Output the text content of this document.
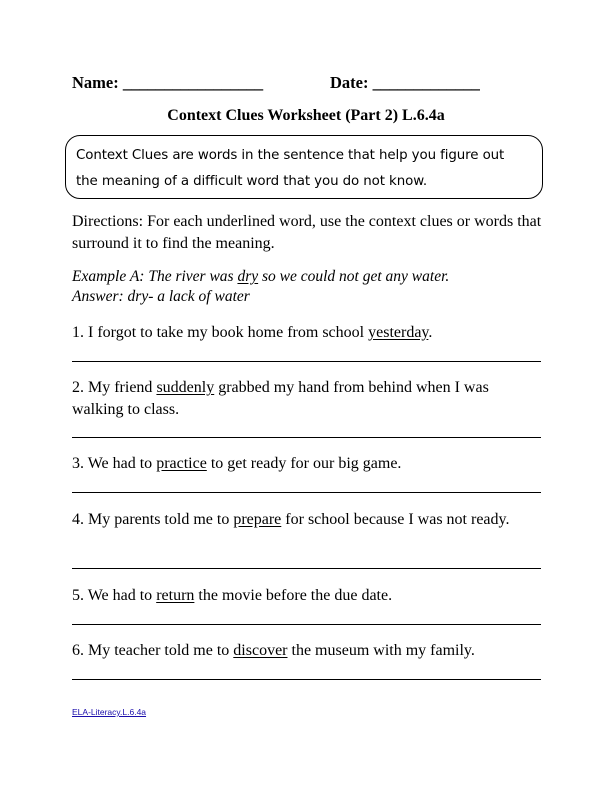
Name: _________________	Date: _____________
Context Clues Worksheet (Part 2) L.6.4a
Context Clues are words in the sentence that help you figure out
the meaning of a difficult word that you do not know.
Directions: For each underlined word, use the context clues or words that surround it to find the meaning.
Example A: The river was dry so we could not get any water.
Answer: dry- a lack of water
1. I forgot to take my book home from school yesterday.
2. My friend suddenly grabbed my hand from behind when I was walking to class.
3. We had to practice to get ready for our big game.
4. My parents told me to prepare for school because I was not ready.
5. We had to return the movie before the due date.
6. My teacher told me to discover the museum with my family.
ELA-Literacy.L.6.4a
